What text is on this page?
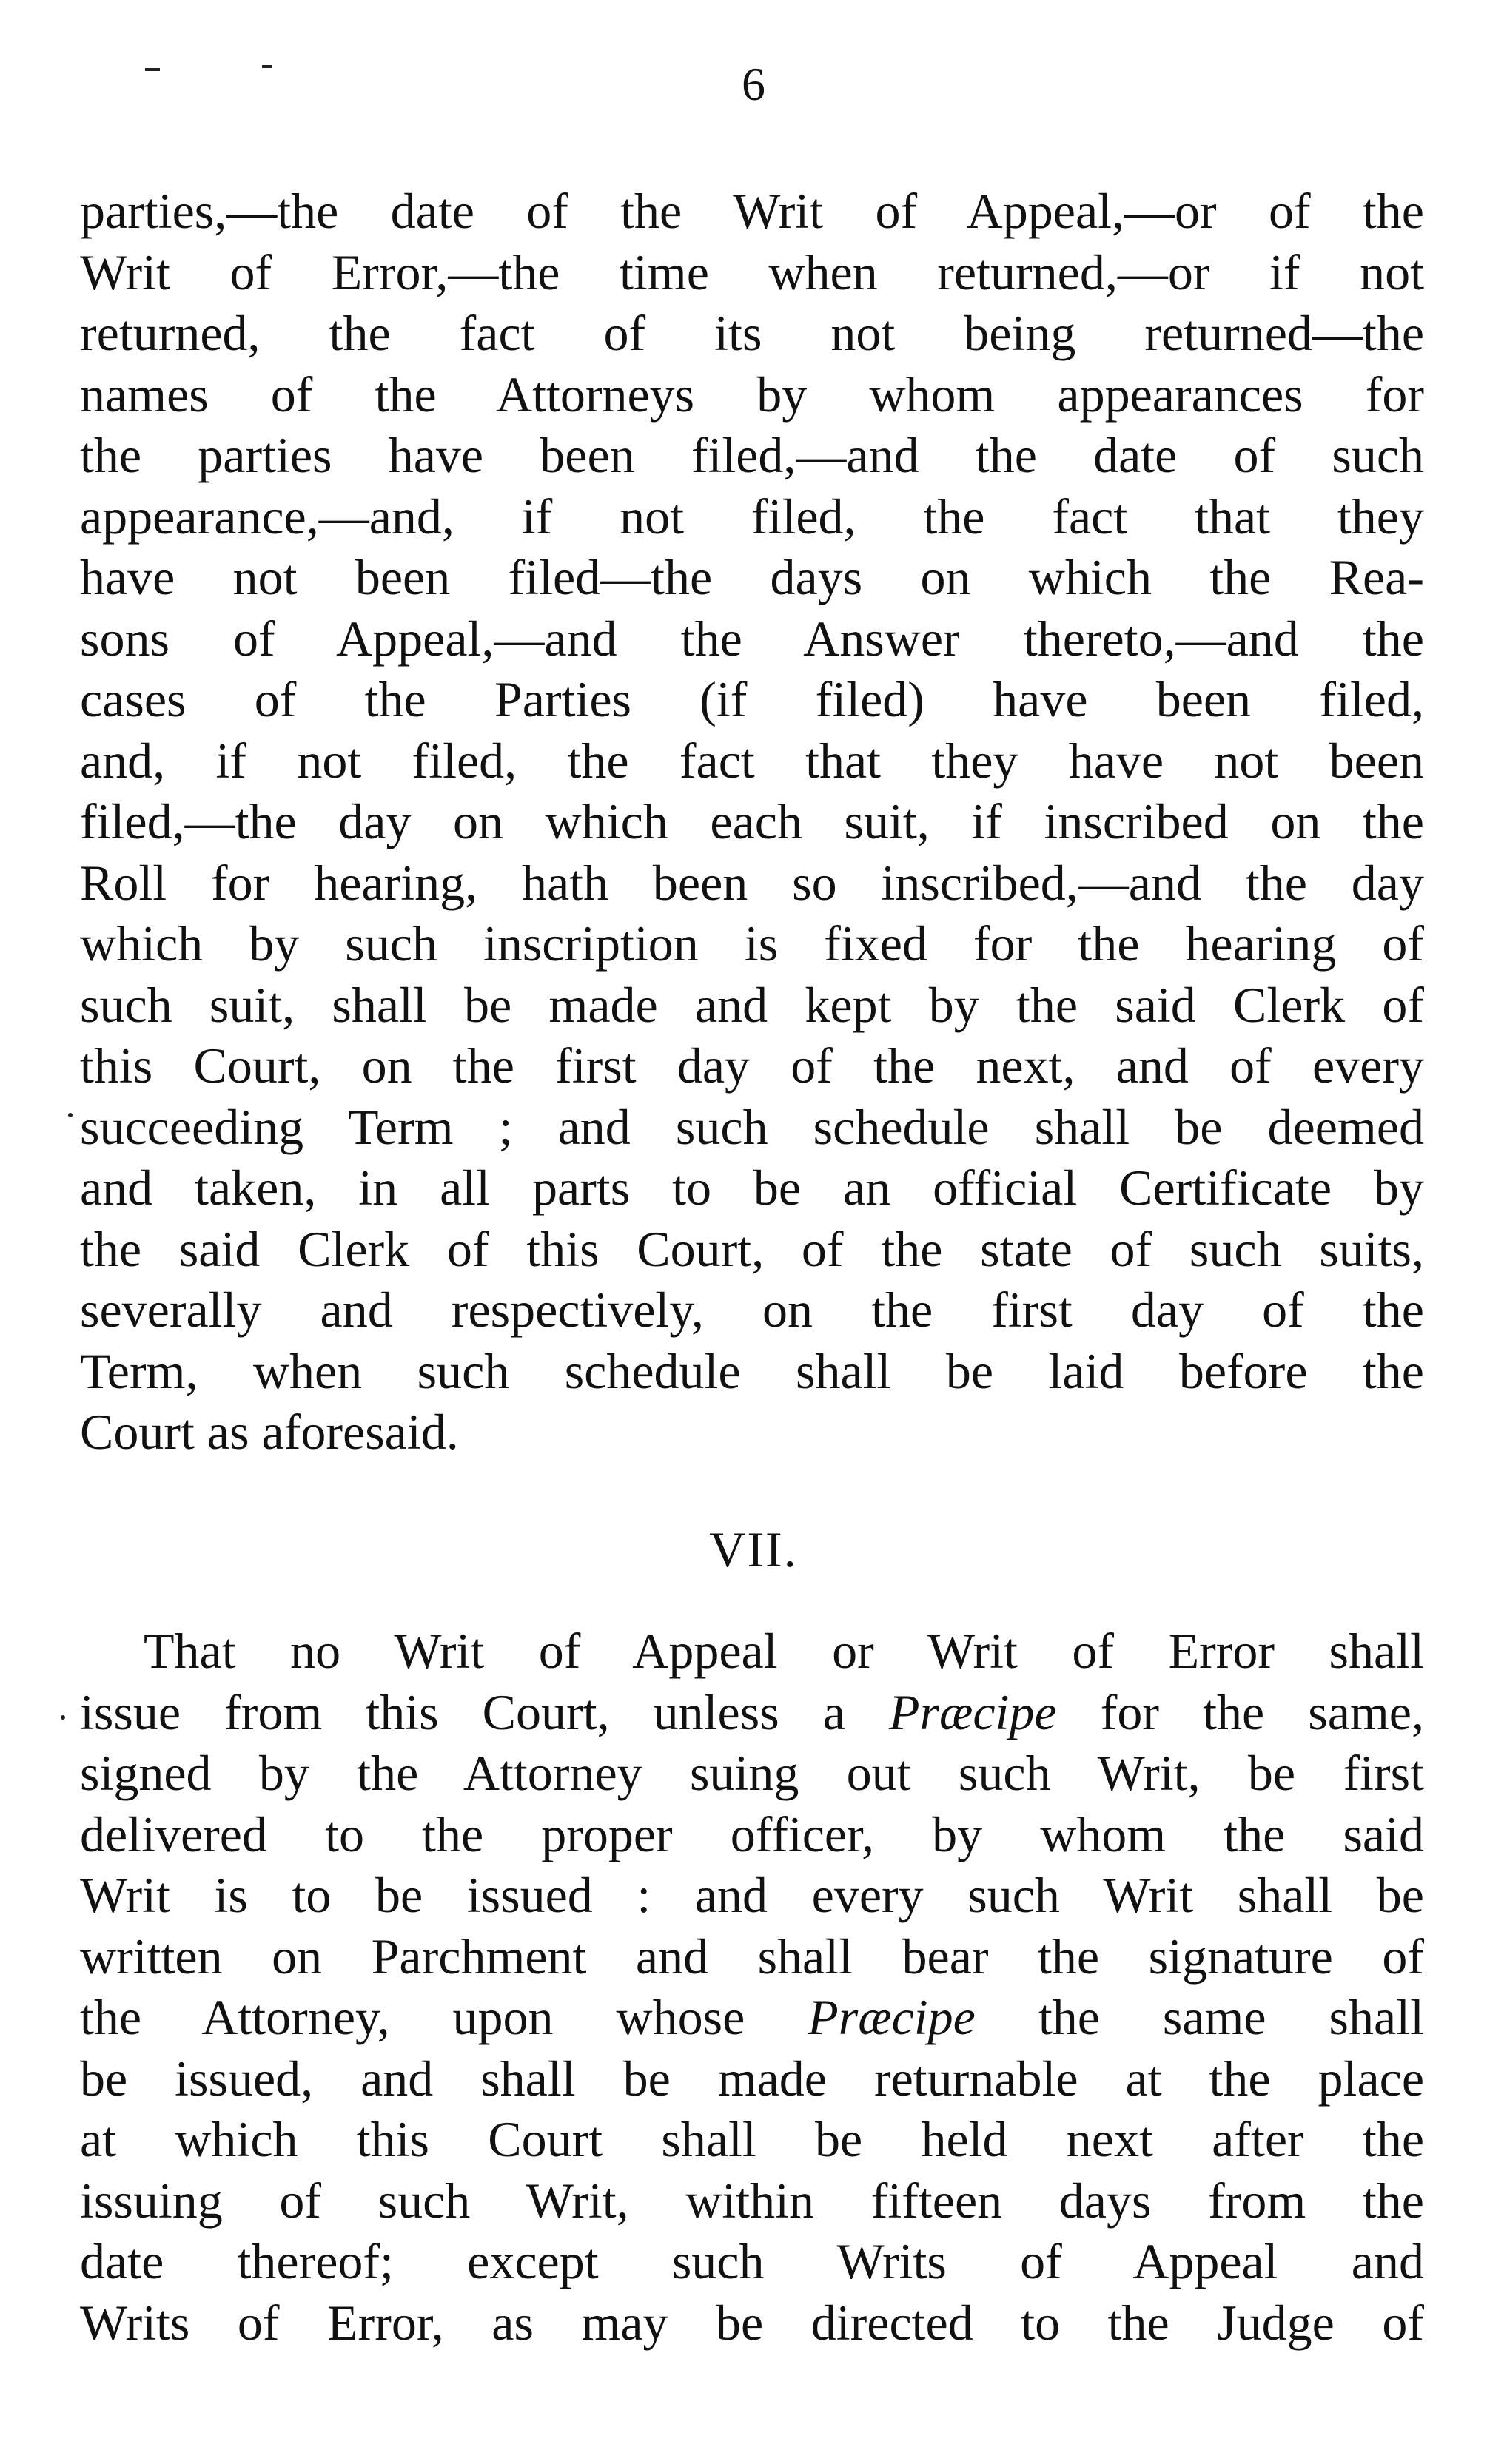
6
parties,—the date of the Writ of Appeal,—or of the
Writ of Error,—the time when returned,—or if not
returned, the fact of its not being returned—the
names of the Attorneys by whom appearances for
the parties have been filed,—and the date of such
appearance,—and, if not filed, the fact that they
have not been filed—the days on which the Rea-
sons of Appeal,—and the Answer thereto,—and the
cases of the Parties (if filed) have been filed,
and, if not filed, the fact that they have not been
filed,—the day on which each suit, if inscribed on the
Roll for hearing, hath been so inscribed,—and the day
which by such inscription is fixed for the hearing of
such suit, shall be made and kept by the said Clerk of
this Court, on the first day of the next, and of every
succeeding Term ; and such schedule shall be deemed
and taken, in all parts to be an official Certificate by
the said Clerk of this Court, of the state of such suits,
severally and respectively, on the first day of the
Term, when such schedule shall be laid before the
Court as aforesaid.
VII.
That no Writ of Appeal or Writ of Error shall
issue from this Court, unless a Præcipe for the same,
signed by the Attorney suing out such Writ, be first
delivered to the proper officer, by whom the said
Writ is to be issued : and every such Writ shall be
written on Parchment and shall bear the signature of
the Attorney, upon whose Præcipe the same shall
be issued, and shall be made returnable at the place
at which this Court shall be held next after the
issuing of such Writ, within fifteen days from the
date thereof; except such Writs of Appeal and
Writs of Error, as may be directed to the Judge of
